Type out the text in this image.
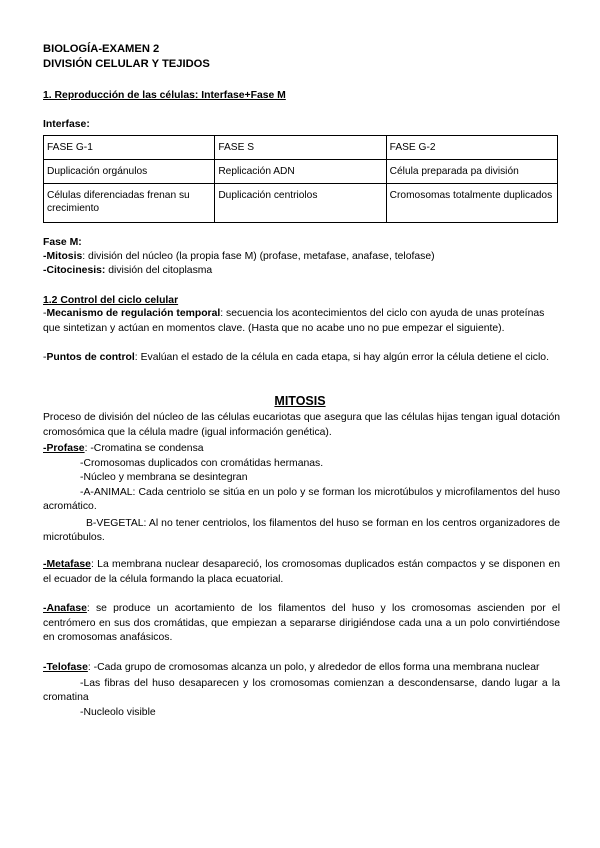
BIOLOGÍA-EXAMEN 2

DIVISIÓN CELULAR Y TEJIDOS

1. Reproducción de las células: Interfase+Fase M

Interfase:

FASE G-1	FASE S	FASE G-2
Duplicación orgánulos	Replicación ADN	Célula preparada pa división
Células diferenciadas frenan su crecimiento	Duplicación centriolos	Cromosomas totalmente duplicados

Fase M:

-Mitosis: división del núcleo (la propia fase M) (profase, metafase, anafase, telofase)

-Citocinesis: división del citoplasma

1.2 Control del ciclo celular

-Mecanismo de regulación temporal: secuencia los acontecimientos del ciclo con ayuda de unas proteínas que sintetizan y actúan en momentos clave. (Hasta que no acabe uno no pue empezar el siguiente).

-Puntos de control: Evalúan el estado de la célula en cada etapa, si hay algún error la célula detiene el ciclo.

MITOSIS

Proceso de división del núcleo de las células eucariotas que asegura que las células hijas tengan igual dotación cromosómica que la célula madre (igual información genética).

-Profase: -Cromatina se condensa
-Cromosomas duplicados con cromátidas hermanas.
-Núcleo y membrana se desintegran
-A-ANIMAL: Cada centriolo se sitúa en un polo y se forman los microtúbulos y microfilamentos del huso acromático.
B-VEGETAL: Al no tener centriolos, los filamentos del huso se forman en los centros organizadores de microtúbulos.

-Metafase: La membrana nuclear desapareció, los cromosomas duplicados están compactos y se disponen en el ecuador de la célula formando la placa ecuatorial.

-Anafase: se produce un acortamiento de los filamentos del huso y los cromosomas ascienden por el centrómero en sus dos cromátidas, que empiezan a separarse dirigiéndose cada una a un polo convirtiéndose en cromosomas anafásicos.

-Telofase: -Cada grupo de cromosomas alcanza un polo, y alrededor de ellos forma una membrana nuclear
-Las fibras del huso desaparecen y los cromosomas comienzan a descondensarse, dando lugar a la cromatina
-Nucleolo visible
